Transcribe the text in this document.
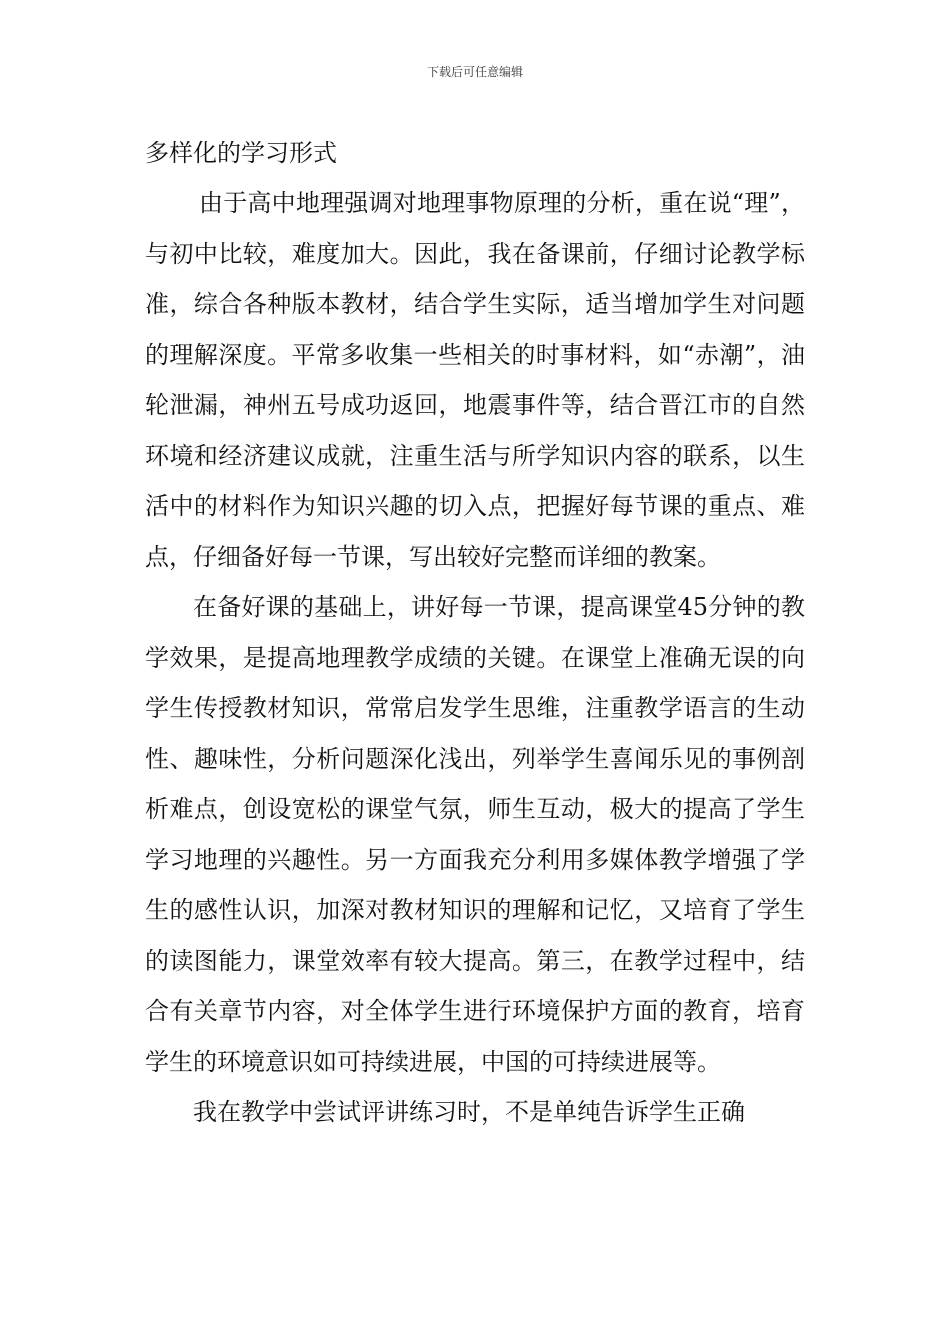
下载后可任意编辑
多样化的学习形式

由于高中地理强调对地理事物原理的分析，重在说“理”，与初中比较，难度加大。因此，我在备课前，仔细讨论教学标准，综合各种版本教材，结合学生实际，适当增加学生对问题的理解深度。平常多收集一些相关的时事材料，如“赤潮”，油轮泄漏，神州五号成功返回，地震事件等，结合晋江市的自然环境和经济建议成就，注重生活与所学知识内容的联系，以生活中的材料作为知识兴趣的切入点，把握好每节课的重点、难点，仔细备好每一节课，写出较好完整而详细的教案。

在备好课的基础上，讲好每一节课，提高课堂45分钟的教学效果，是提高地理教学成绩的关键。在课堂上准确无误的向学生传授教材知识，常常启发学生思维，注重教学语言的生动性、趣味性，分析问题深化浅出，列举学生喜闻乐见的事例剖析难点，创设宽松的课堂气氛，师生互动，极大的提高了学生学习地理的兴趣性。另一方面我充分利用多媒体教学增强了学生的感性认识，加深对教材知识的理解和记忆，又培育了学生的读图能力，课堂效率有较大提高。第三，在教学过程中，结合有关章节内容，对全体学生进行环境保护方面的教育，培育学生的环境意识如可持续进展，中国的可持续进展等。

我在教学中尝试评讲练习时，不是单纯告诉学生正确
